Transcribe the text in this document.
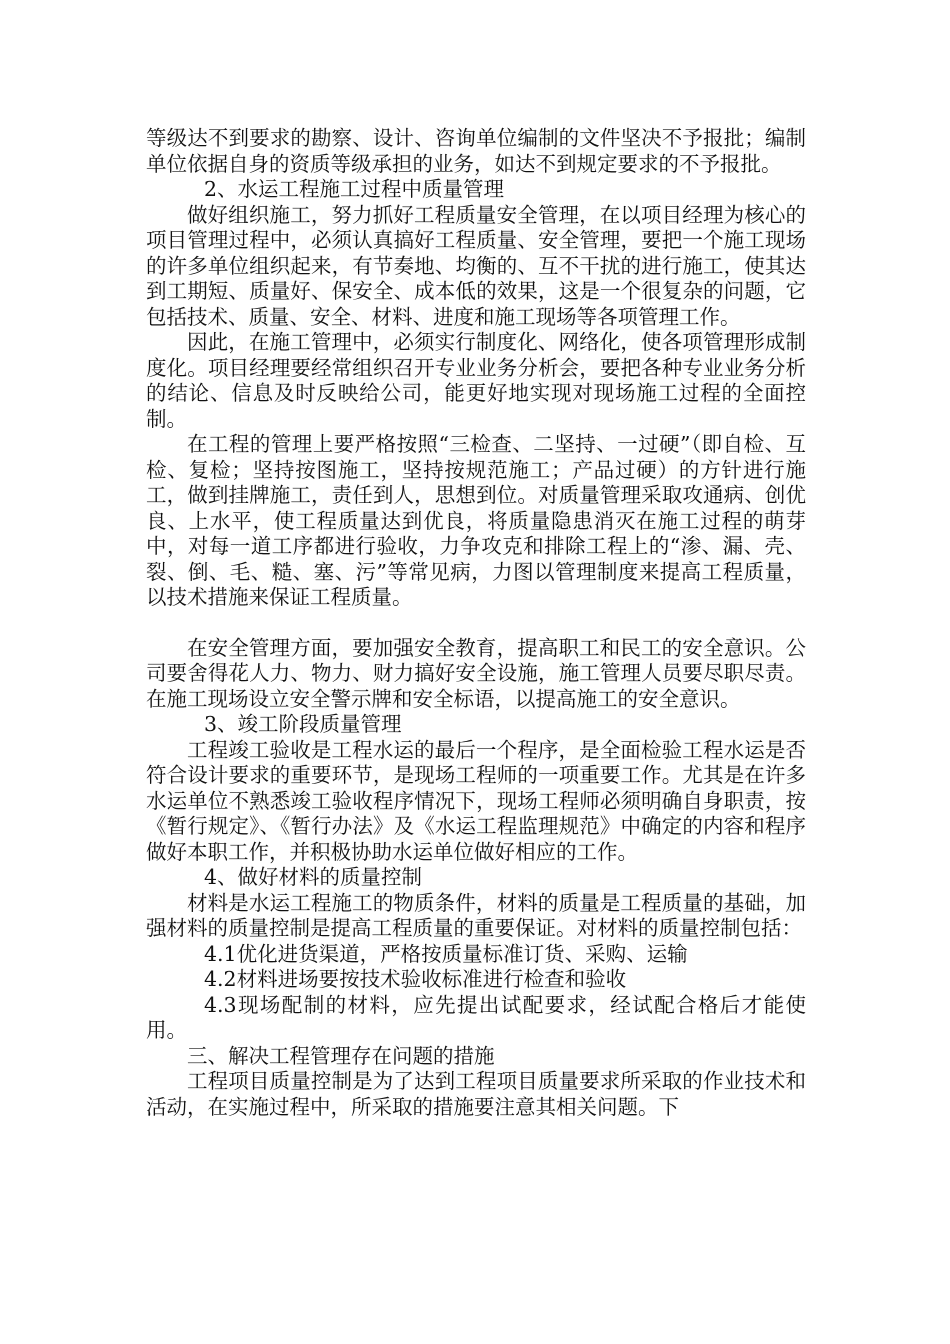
等级达不到要求的勘察、设计、咨询单位编制的文件坚决不予报批；编制单位依据自身的资质等级承担的业务，如达不到规定要求的不予报批。

2、水运工程施工过程中质量管理

做好组织施工，努力抓好工程质量安全管理，在以项目经理为核心的项目管理过程中，必须认真搞好工程质量、安全管理，要把一个施工现场的许多单位组织起来，有节奏地、均衡的、互不干扰的进行施工，使其达到工期短、质量好、保安全、成本低的效果，这是一个很复杂的问题，它包括技术、质量、安全、材料、进度和施工现场等各项管理工作。

因此，在施工管理中，必须实行制度化、网络化，使各项管理形成制度化。项目经理要经常组织召开专业业务分析会，要把各种专业业务分析的结论、信息及时反映给公司，能更好地实现对现场施工过程的全面控制。

在工程的管理上要严格按照“三检查、二坚持、一过硬”（即自检、互检、复检；坚持按图施工，坚持按规范施工；产品过硬）的方针进行施工，做到挂牌施工，责任到人，思想到位。对质量管理采取攻通病、创优良、上水平，使工程质量达到优良，将质量隐患消灭在施工过程的萌芽中，对每一道工序都进行验收，力争攻克和排除工程上的“渗、漏、壳、裂、倒、毛、糙、塞、污”等常见病，力图以管理制度来提高工程质量，以技术措施来保证工程质量。

在安全管理方面，要加强安全教育，提高职工和民工的安全意识。公司要舍得花人力、物力、财力搞好安全设施，施工管理人员要尽职尽责。在施工现场设立安全警示牌和安全标语，以提高施工的安全意识。

3、竣工阶段质量管理

工程竣工验收是工程水运的最后一个程序，是全面检验工程水运是否符合设计要求的重要环节，是现场工程师的一项重要工作。尤其是在许多水运单位不熟悉竣工验收程序情况下，现场工程师必须明确自身职责，按《暂行规定》、《暂行办法》及《水运工程监理规范》中确定的内容和程序做好本职工作，并积极协助水运单位做好相应的工作。

4、做好材料的质量控制

材料是水运工程施工的物质条件，材料的质量是工程质量的基础，加强材料的质量控制是提高工程质量的重要保证。对材料的质量控制包括：

4.1优化进货渠道，严格按质量标准订货、采购、运输

4.2材料进场要按技术验收标准进行检查和验收

4.3现场配制的材料，应先提出试配要求，经试配合格后才能使用。

三、解决工程管理存在问题的措施

工程项目质量控制是为了达到工程项目质量要求所采取的作业技术和活动，在实施过程中，所采取的措施要注意其相关问题。下
